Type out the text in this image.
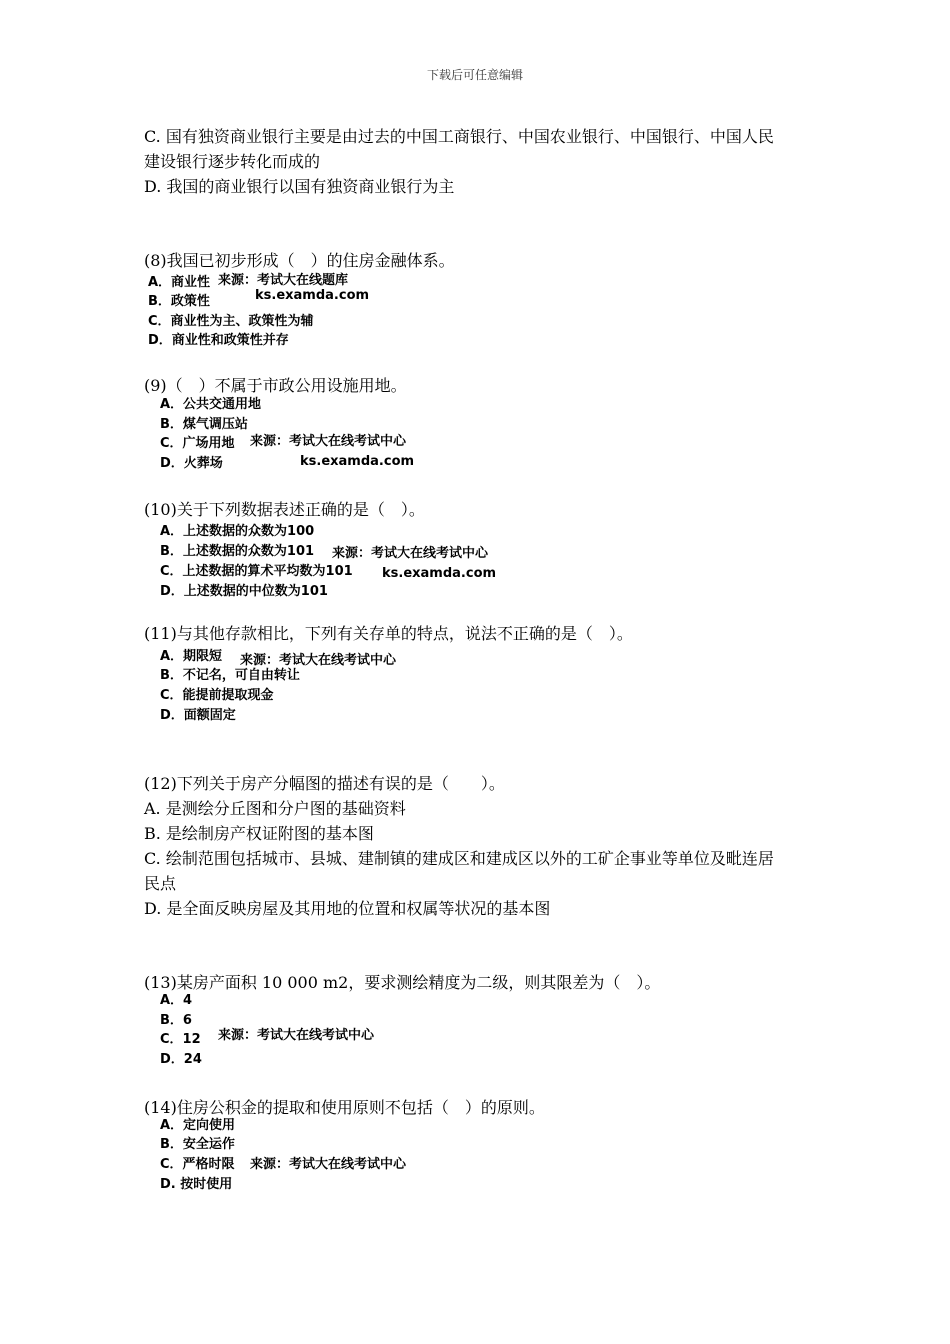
下载后可任意编辑
C. 国有独资商业银行主要是由过去的中国工商银行、中国农业银行、中国银行、中国人民
建设银行逐步转化而成的
D. 我国的商业银行以国有独资商业银行为主
(8)我国已初步形成（　）的住房金融体系。
A．商业性
B．政策性
C．商业性为主、政策性为辅
D．商业性和政策性并存
来源：考试大在线题库
ks.examda.com
(9)（　）不属于市政公用设施用地。
A．公共交通用地
B．煤气调压站
C．广场用地
D．火葬场
来源：考试大在线考试中心
ks.examda.com
(10)关于下列数据表述正确的是（　）。
A．上述数据的众数为100
B．上述数据的众数为101
C．上述数据的算术平均数为101
D．上述数据的中位数为101
来源：考试大在线考试中心
ks.examda.com
(11)与其他存款相比，下列有关存单的特点，说法不正确的是（　）。
A．期限短
B．不记名，可自由转让
C．能提前提取现金
D．面额固定
来源：考试大在线考试中心
(12)下列关于房产分幅图的描述有误的是（　　）。
A. 是测绘分丘图和分户图的基础资料
B. 是绘制房产权证附图的基本图
C. 绘制范围包括城市、县城、建制镇的建成区和建成区以外的工矿企事业等单位及毗连居
民点
D. 是全面反映房屋及其用地的位置和权属等状况的基本图
(13)某房产面积 10 000 m2，要求测绘精度为二级，则其限差为（　）。
A．4
B．6
C．12
D．24
来源：考试大在线考试中心
(14)住房公积金的提取和使用原则不包括（　）的原则。
A．定向使用
B．安全运作
C．严格时限
D. 按时使用
来源：考试大在线考试中心
